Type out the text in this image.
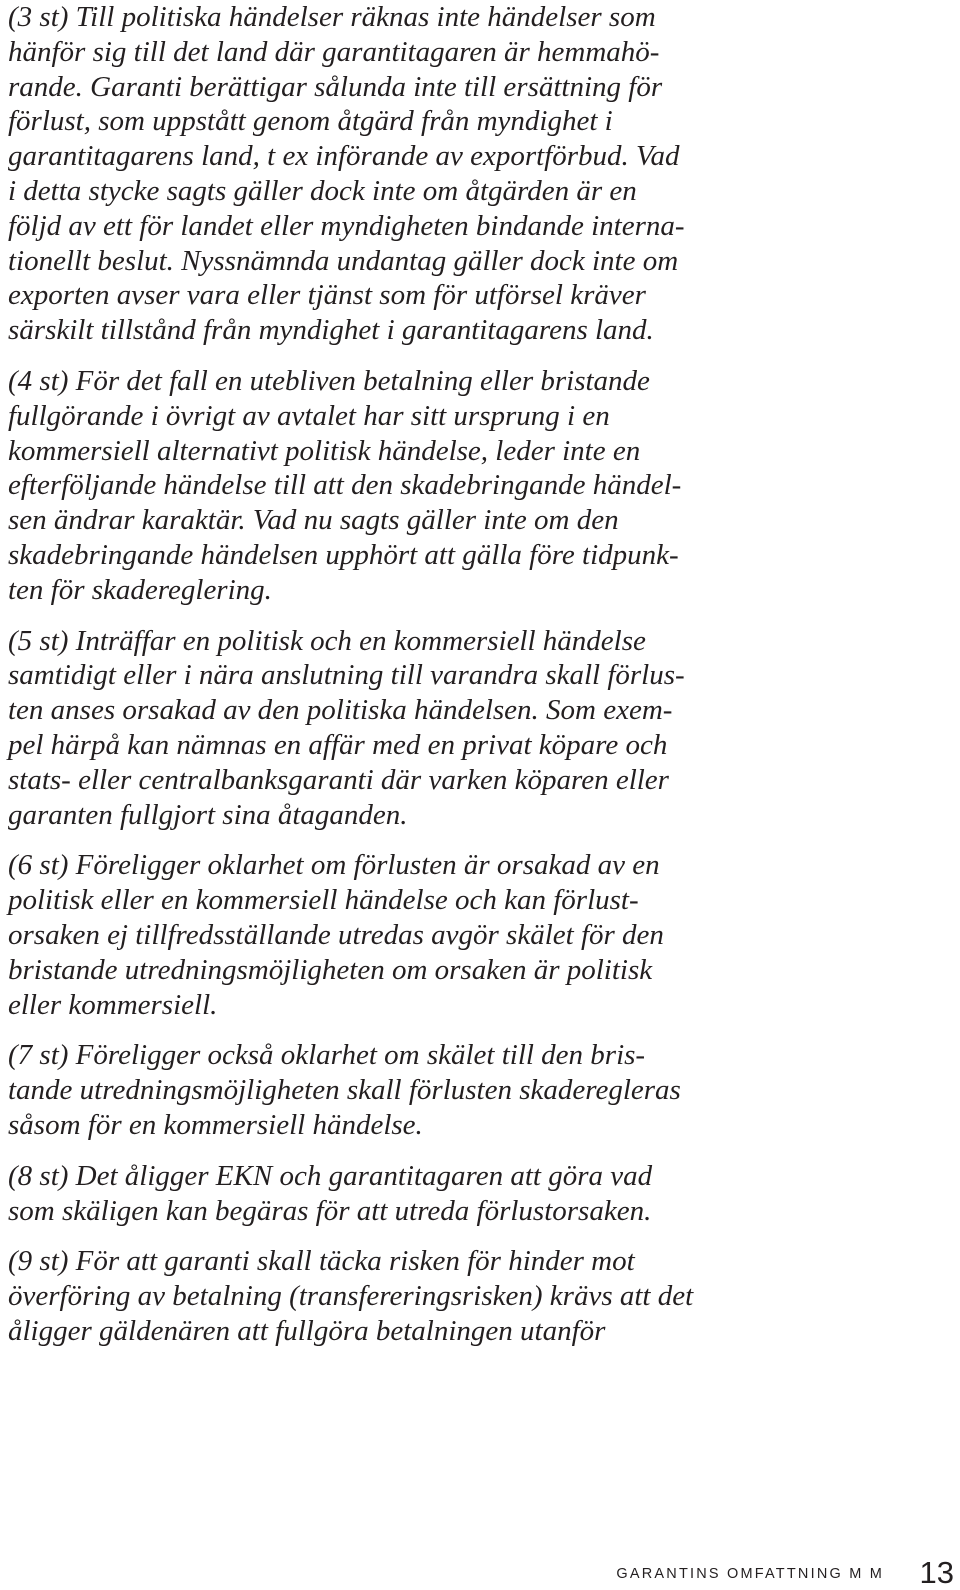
(3 st) Till politiska händelser räknas inte händelser som
hänför sig till det land där garantitagaren är hemmahö-
rande. Garanti berättigar sålunda inte till ersättning för
förlust, som uppstått genom åtgärd från myndighet i
garantitagarens land, t ex införande av exportförbud. Vad
i detta stycke sagts gäller dock inte om åtgärden är en
följd av ett för landet eller myndigheten bindande interna-
tionellt beslut. Nyssnämnda undantag gäller dock inte om
exporten avser vara eller tjänst som för utförsel kräver
särskilt tillstånd från myndighet i garantitagarens land.

(4 st) För det fall en utebliven betalning eller bristande
fullgörande i övrigt av avtalet har sitt ursprung i en
kommersiell alternativt politisk händelse, leder inte en
efterföljande händelse till att den skadebringande händel-
sen ändrar karaktär. Vad nu sagts gäller inte om den
skadebringande händelsen upphört att gälla före tidpunk-
ten för skadereglering.

(5 st) Inträffar en politisk och en kommersiell händelse
samtidigt eller i nära anslutning till varandra skall förlus-
ten anses orsakad av den politiska händelsen. Som exem-
pel härpå kan nämnas en affär med en privat köpare och
stats- eller centralbanksgaranti där varken köparen eller
garanten fullgjort sina åtaganden.

(6 st) Föreligger oklarhet om förlusten är orsakad av en
politisk eller en kommersiell händelse och kan förlust-
orsaken ej tillfredsställande utredas avgör skälet för den
bristande utredningsmöjligheten om orsaken är politisk
eller kommersiell.

(7 st) Föreligger också oklarhet om skälet till den bris-
tande utredningsmöjligheten skall förlusten skaderegleras
såsom för en kommersiell händelse.

(8 st) Det åligger EKN och garantitagaren att göra vad
som skäligen kan begäras för att utreda förlustorsaken.

(9 st) För att garanti skall täcka risken för hinder mot
överföring av betalning (transfereringsrisken) krävs att det
åligger gäldenären att fullgöra betalningen utanför

GARANTINS OMFATTNING M M 13
